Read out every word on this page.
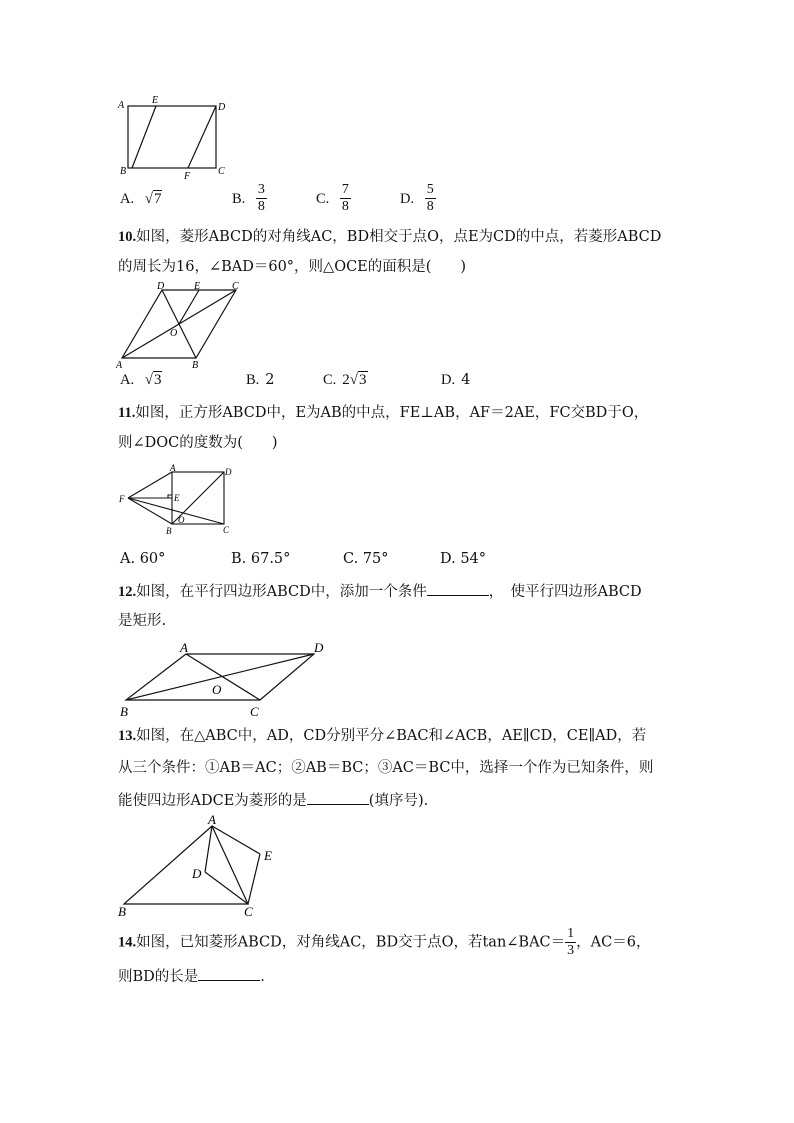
A	E
D
B	F	C
A. √7	B. $\frac{3}{8}$	C. $\frac{7}{8}$	D. $\frac{5}{8}$
10.如图，菱形ABCD的对角线AC，BD相交于点O，点E为CD的中点，若菱形ABCD
的周长为16，∠BAD＝60°，则△OCE的面积是(　　)
D	E	C
O
A	B
A. √3	B. 2	C. 2√3	D. 4
11.如图，正方形ABCD中，E为AB的中点，FE⊥AB，AF＝2AE，FC交BD于O，
则∠DOC的度数为(　　)
A	D
F	E
B
O
C
A. 60°	B. 67.5°	C. 75°	D. 54°
12.如图，在平行四边形ABCD中，添加一个条件	，　使平行四边形ABCD
是矩形.
A	D
O
B	C
13.如图，在△ABC中，AD，CD分别平分∠BAC和∠ACB，AE∥CD，CE∥AD，若
从三个条件：①AB＝AC；②AB＝BC；③AC＝BC中，选择一个作为已知条件，则
能使四边形ADCE为菱形的是	(填序号).
A
E
D
B	C
14.如图，已知菱形ABCD，对角线AC，BD交于点O，若tan∠BAC＝ $\frac{1}{3}$ ，AC＝6，
则BD的长是	.
